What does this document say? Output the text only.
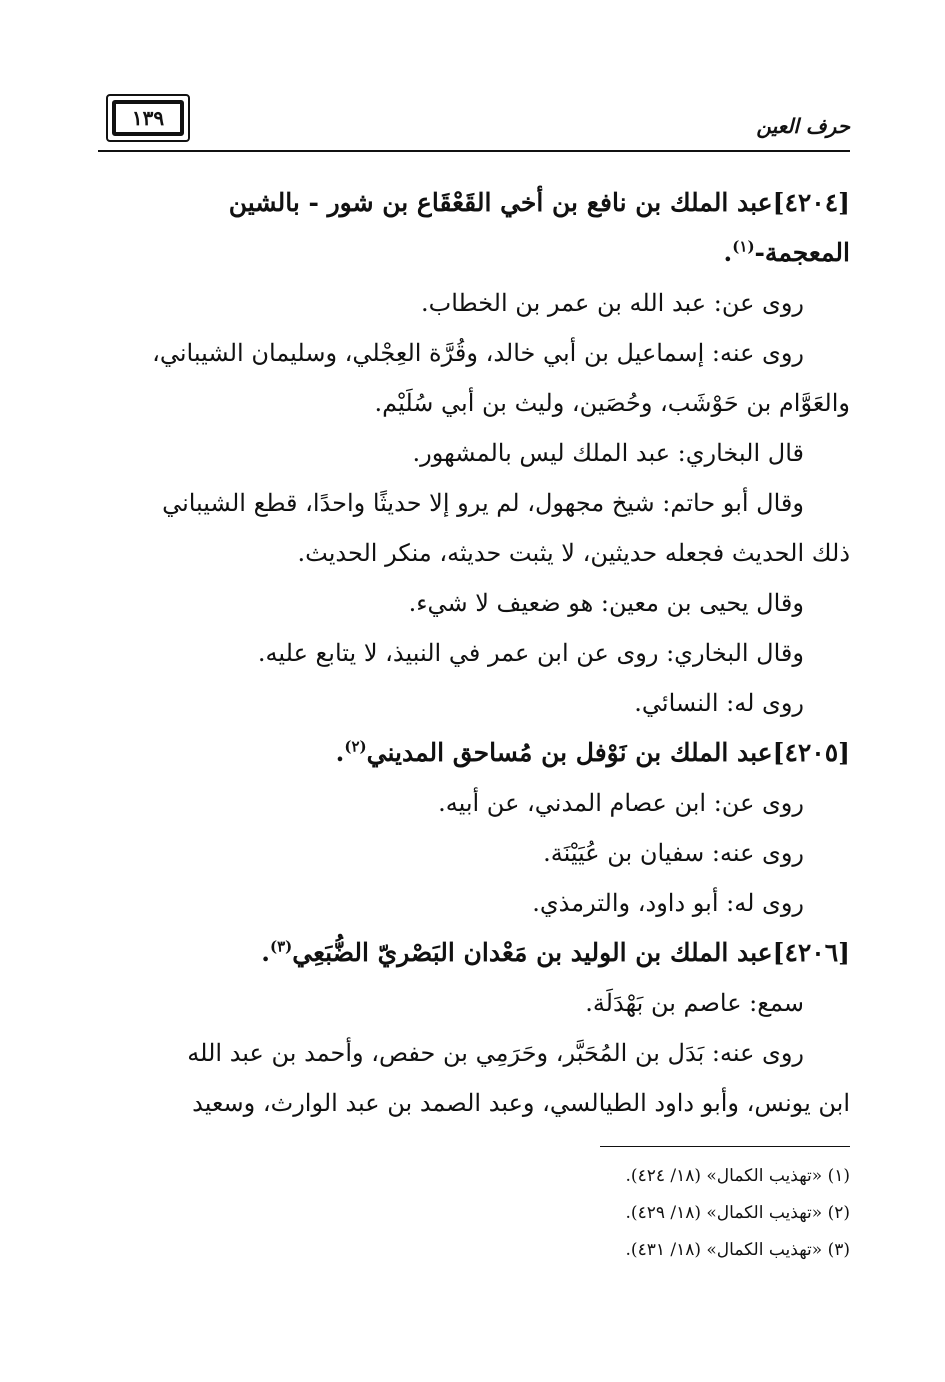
١٣٩	حرف العين
[٤٢٠٤]عبد الملك بن نافع بن أخي القَعْقَاع بن شور - بالشين
المعجمة-$^{(١)}$.
روى عن: عبد الله بن عمر بن الخطاب.
روى عنه: إسماعيل بن أبي خالد، وقُرَّة العِجْلي، وسليمان الشيباني،
والعَوَّام بن حَوْشَب، وحُصَين، وليث بن أبي سُلَيْم.
قال البخاري: عبد الملك ليس بالمشهور.
وقال أبو حاتم: شيخ مجهول، لم يرو إلا حديثًا واحدًا، قطع الشيباني
ذلك الحديث فجعله حديثين، لا يثبت حديثه، منكر الحديث.
وقال يحيى بن معين: هو ضعيف لا شيء.
وقال البخاري: روى عن ابن عمر في النبيذ، لا يتابع عليه.
روى له: النسائي.
[٤٢٠٥]عبد الملك بن نَوْفل بن مُساحق المديني$^{(٢)}$.
روى عن: ابن عصام المدني، عن أبيه.
روى عنه: سفيان بن عُيَيْنَة.
روى له: أبو داود، والترمذي.
[٤٢٠٦]عبد الملك بن الوليد بن مَعْدان البَصْريّ الضُّبَعِي$^{(٣)}$.
سمع: عاصم بن بَهْدَلَة.
روى عنه: بَدَل بن المُحَبَّر، وحَرَمِي بن حفص، وأحمد بن عبد الله
ابن يونس، وأبو داود الطيالسي، وعبد الصمد بن عبد الوارث، وسعيد
(١) «تهذيب الكمال» (١٨/ ٤٢٤).
(٢) «تهذيب الكمال» (١٨/ ٤٢٩).
(٣) «تهذيب الكمال» (١٨/ ٤٣١).
